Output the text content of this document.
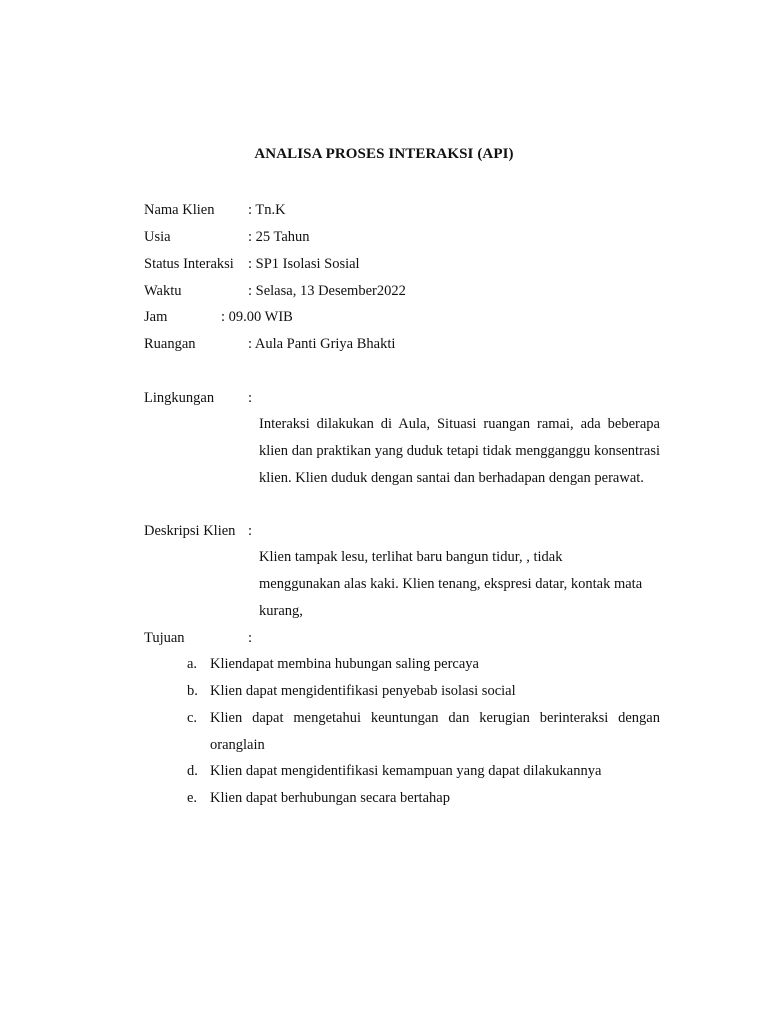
ANALISA PROSES INTERAKSI (API)
Nama Klien : Tn.K
Usia	: 25 Tahun
Status Interaksi : SP1 Isolasi Sosial
Waktu	: Selasa, 13 Desember2022
Jam	: 09.00 WIB
Ruangan	: Aula Panti Griya Bhakti
Lingkungan :
Interaksi dilakukan di Aula, Situasi ruangan ramai, ada beberapa klien dan praktikan yang duduk tetapi tidak mengganggu konsentrasi klien. Klien duduk dengan santai dan berhadapan dengan perawat.
Deskripsi Klien :
Klien tampak lesu, terlihat baru bangun tidur, , tidak
menggunakan alas kaki. Klien tenang, ekspresi datar, kontak mata
kurang,
Tujuan	:
a. Kliendapat membina hubungan saling percaya
b. Klien dapat mengidentifikasi penyebab isolasi social
c. Klien dapat mengetahui keuntungan dan kerugian berinteraksi dengan oranglain
d. Klien dapat mengidentifikasi kemampuan yang dapat dilakukannya
e. Klien dapat berhubungan secara bertahap
